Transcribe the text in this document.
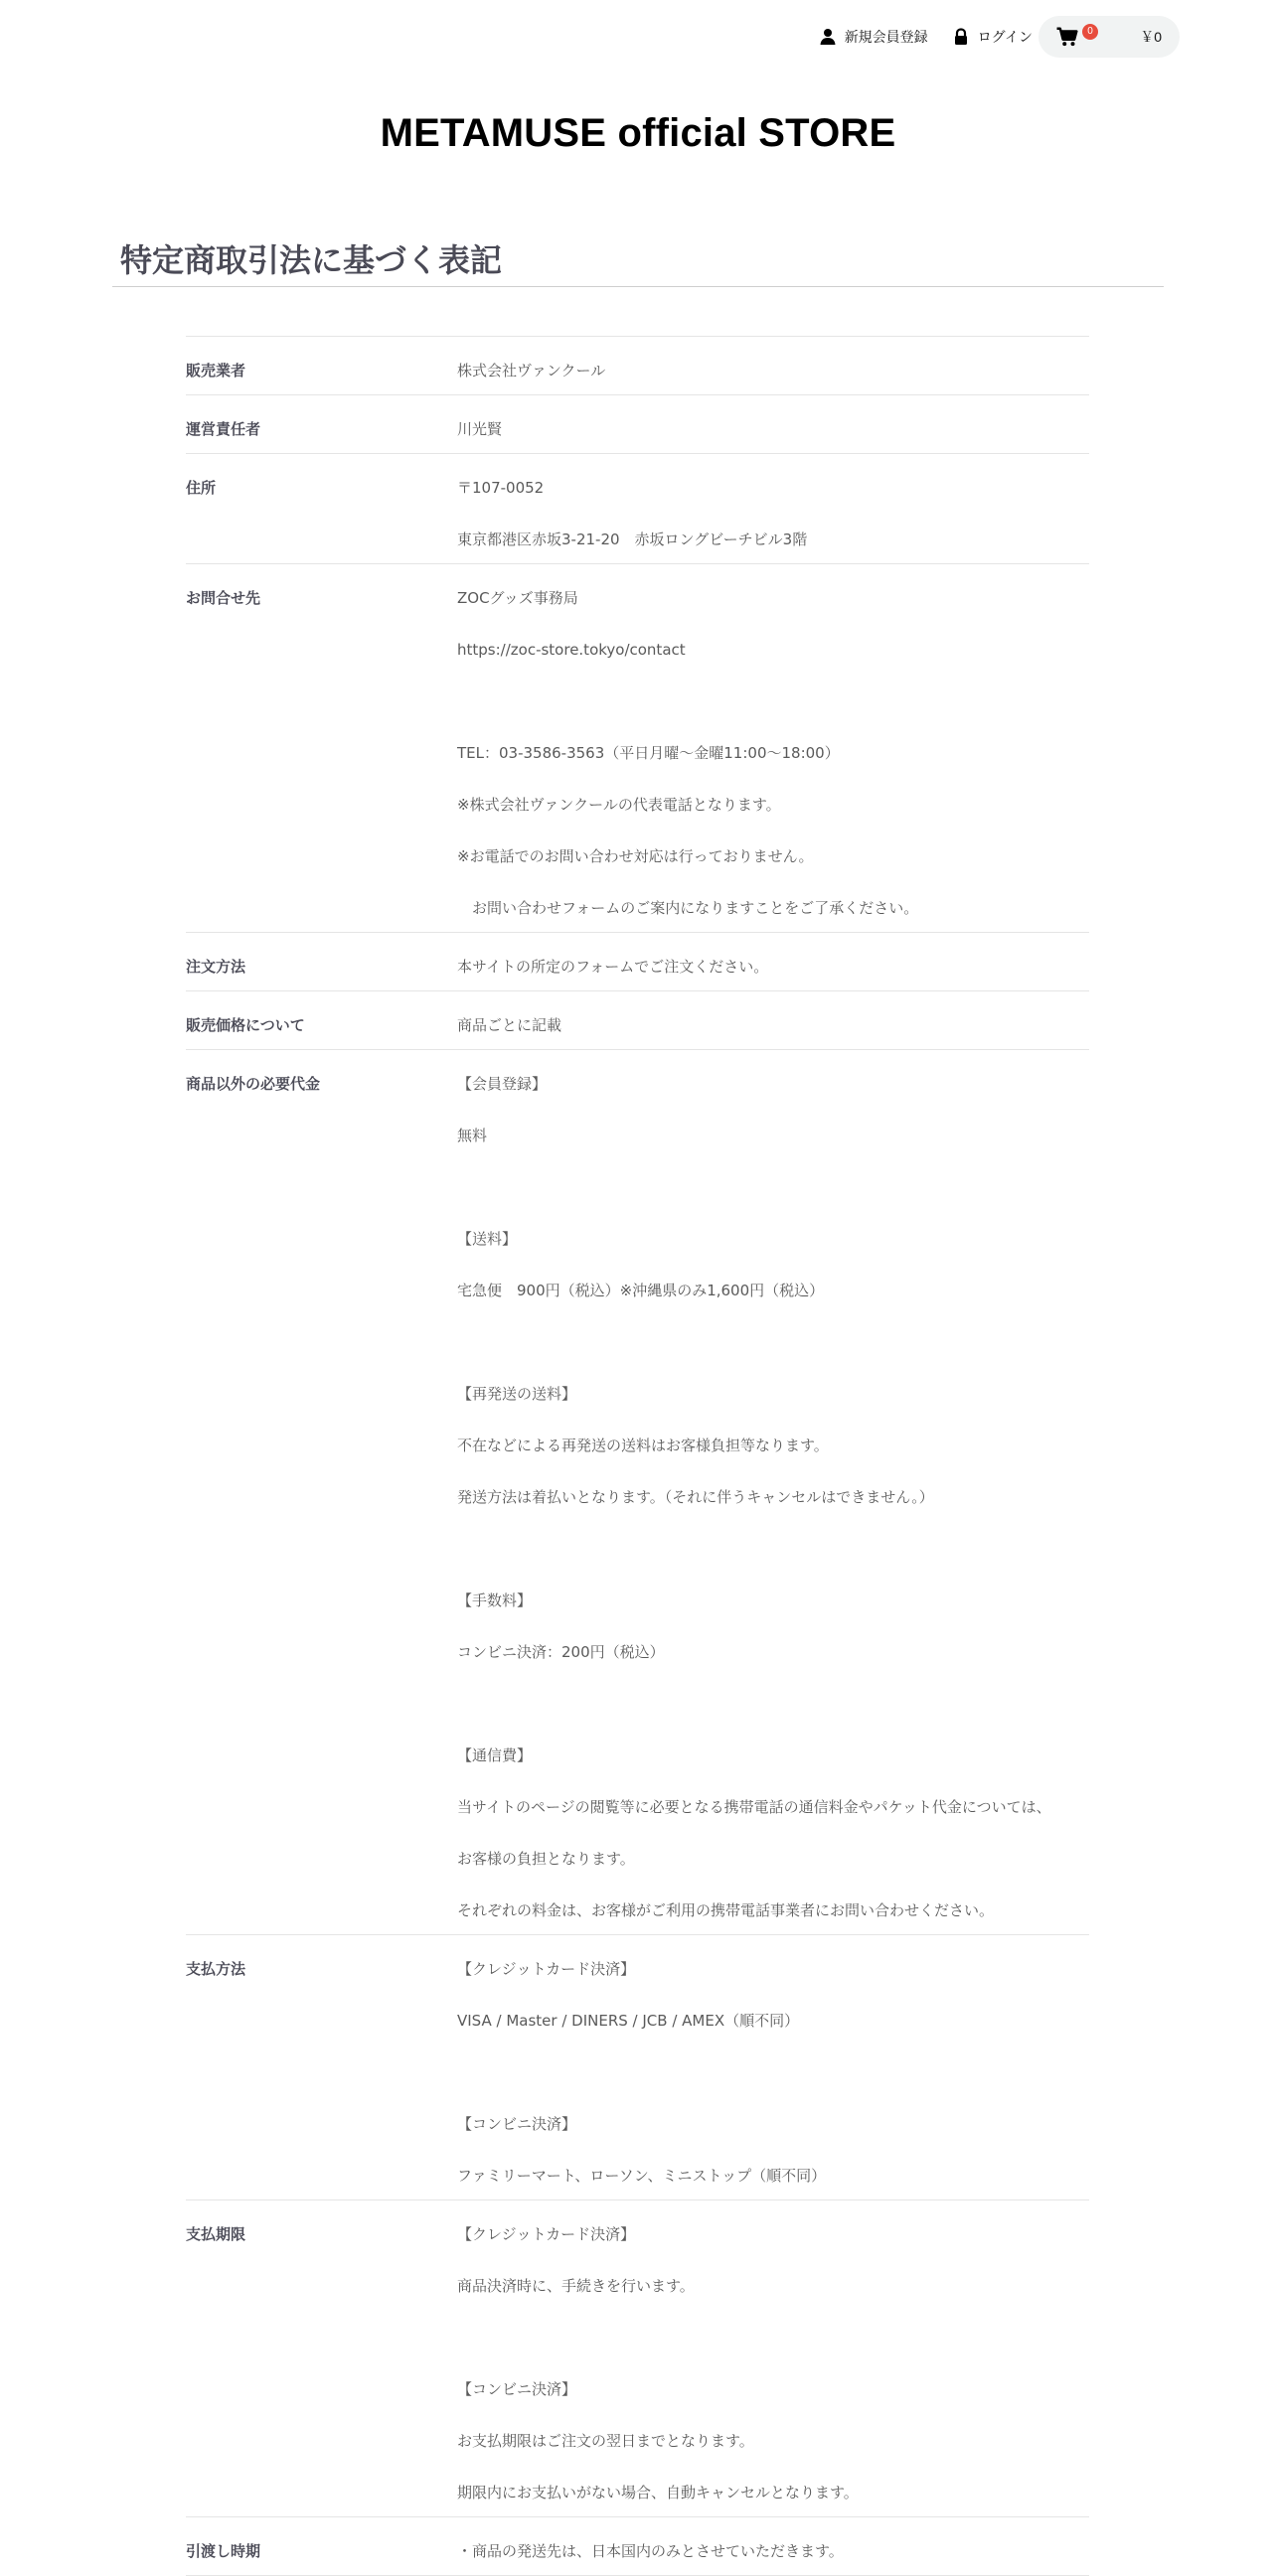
新規会員登録	ログイン	0	￥0
METAMUSE official STORE
特定商取引法に基づく表記
販売業者	株式会社ヴァンクール

運営責任者	川光賢

住所	〒107-0052

東京都港区赤坂3-21-20　赤坂ロングビーチビル3階

お問合せ先	ZOCグッズ事務局

https://zoc-store.tokyo/contact

TEL：03-3586-3563（平日月曜～金曜11:00～18:00）

※株式会社ヴァンクールの代表電話となります。

※お電話でのお問い合わせ対応は行っておりません。

　お問い合わせフォームのご案内になりますことをご了承ください。

注文方法	本サイトの所定のフォームでご注文ください。

販売価格について	商品ごとに記載

商品以外の必要代金	【会員登録】

無料

【送料】

宅急便　900円（税込）※沖縄県のみ1,600円（税込）

【再発送の送料】

不在などによる再発送の送料はお客様負担等なります。

発送方法は着払いとなります。（それに伴うキャンセルはできません。）

【手数料】

コンビニ決済：200円（税込）

【通信費】

当サイトのページの閲覧等に必要となる携帯電話の通信料金やパケット代金については、

お客様の負担となります。

それぞれの料金は、お客様がご利用の携帯電話事業者にお問い合わせください。

支払方法	【クレジットカード決済】

VISA / Master / DINERS / JCB / AMEX（順不同）

【コンビニ決済】

ファミリーマート、ローソン、ミニストップ（順不同）

支払期限	【クレジットカード決済】

商品決済時に、手続きを行います。

【コンビニ決済】

お支払期限はご注文の翌日までとなります。

期限内にお支払いがない場合、自動キャンセルとなります。

引渡し時期	・商品の発送先は、日本国内のみとさせていただきます。
